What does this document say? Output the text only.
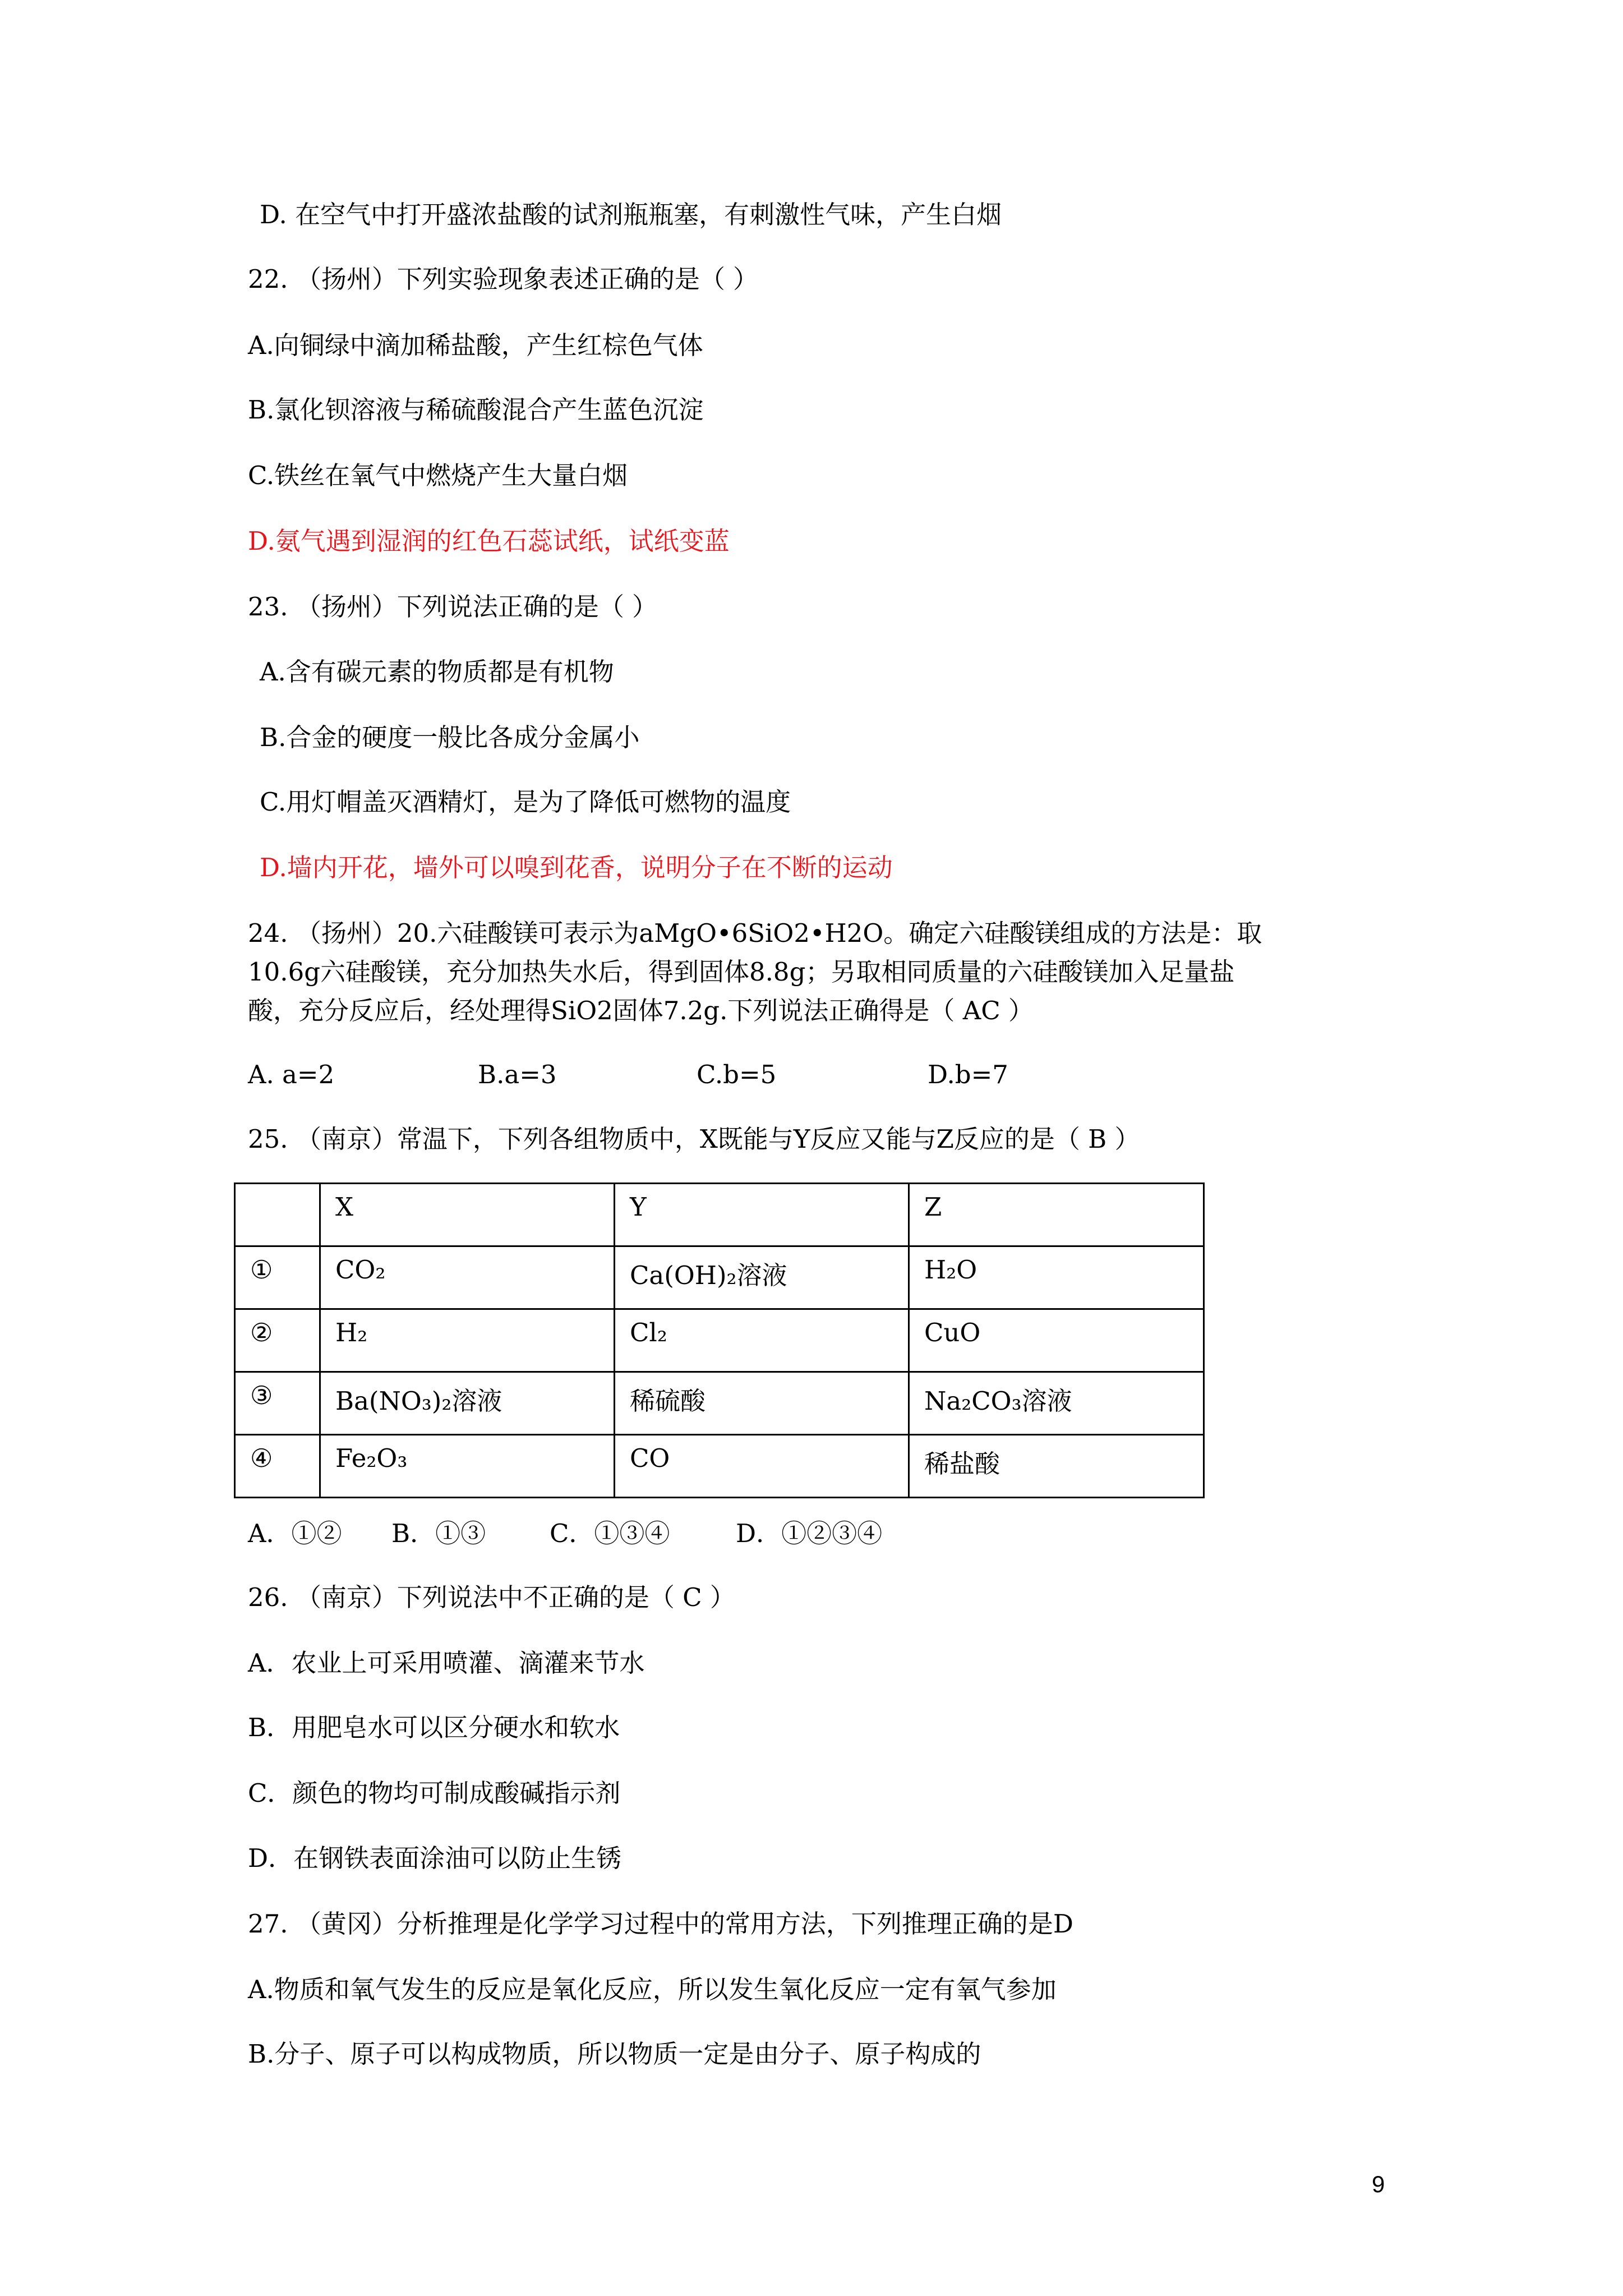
D. 在空气中打开盛浓盐酸的试剂瓶瓶塞，有刺激性气味，产生白烟
22. （扬州）下列实验现象表述正确的是（ ）
A.向铜绿中滴加稀盐酸，产生红棕色气体
B.氯化钡溶液与稀硫酸混合产生蓝色沉淀
C.铁丝在氧气中燃烧产生大量白烟
D.氨气遇到湿润的红色石蕊试纸，试纸变蓝
23. （扬州）下列说法正确的是（ ）
A.含有碳元素的物质都是有机物
B.合金的硬度一般比各成分金属小
C.用灯帽盖灭酒精灯，是为了降低可燃物的温度
D.墙内开花，墙外可以嗅到花香，说明分子在不断的运动
24. （扬州）20.六硅酸镁可表示为aMgO•6SiO2•H2O。确定六硅酸镁组成的方法是：取
10.6g六硅酸镁，充分加热失水后，得到固体8.8g；另取相同质量的六硅酸镁加入足量盐
酸，充分反应后，经处理得SiO2固体7.2g.下列说法正确得是（ AC ）
A. a=2	B.a=3	C.b=5	D.b=7
25. （南京）常温下，下列各组物质中，X既能与Y反应又能与Z反应的是（ B ）
	X	Y	Z
①	CO₂	Ca(OH)₂溶液	H₂O
②	H₂	Cl₂	CuO
③	Ba(NO₃)₂溶液	稀硫酸	Na₂CO₃溶液
④	Fe₂O₃	CO	稀盐酸
A．①② B．①③	C．①③④	D．①②③④
26. （南京）下列说法中不正确的是（ C ）
A．农业上可采用喷灌、滴灌来节水
B．用肥皂水可以区分硬水和软水
C．颜色的物均可制成酸碱指示剂
D．在钢铁表面涂油可以防止生锈
27. （黄冈）分析推理是化学学习过程中的常用方法，下列推理正确的是D
A.物质和氧气发生的反应是氧化反应，所以发生氧化反应一定有氧气参加
B.分子、原子可以构成物质，所以物质一定是由分子、原子构成的
9
